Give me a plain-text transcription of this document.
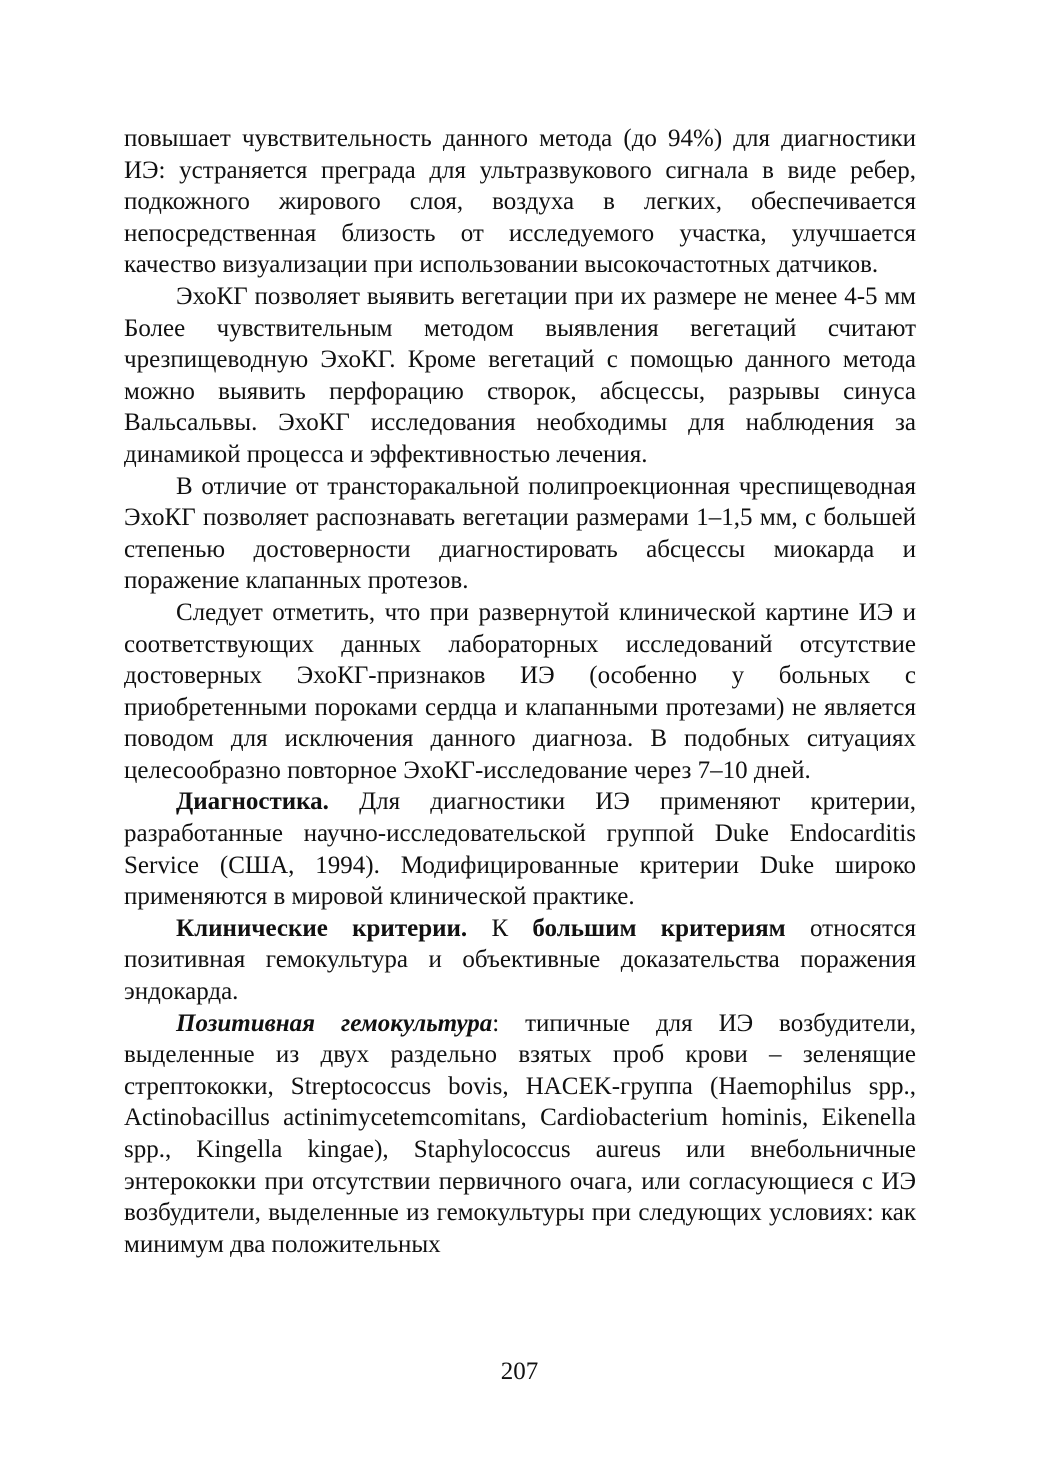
повышает чувствительность данного метода (до 94%) для диагностики ИЭ: устраняется преграда для ультразвукового сигнала в виде ребер, подкожного жирового слоя, воздуха в легких, обеспечивается непосредственная близость от исследуемого участка, улучшается качество визуализации при использовании высокочастотных датчиков.

ЭхоКГ позволяет выявить вегетации при их размере не менее 4-5 мм Более чувствительным методом выявления вегетаций считают чрезпищеводную ЭхоКГ. Кроме вегетаций с помощью данного метода можно выявить перфорацию створок, абсцессы, разрывы синуса Вальсальвы. ЭхоКГ исследования необходимы для наблюдения за динамикой процесса и эффективностью лечения.

В отличие от трансторакальной полипроекционная чреспищеводная ЭхоКГ позволяет распознавать вегетации размерами 1–1,5 мм, с большей степенью достоверности диагностировать абсцессы миокарда и поражение клапанных протезов.

Следует отметить, что при развернутой клинической картине ИЭ и соответствующих данных лабораторных исследований отсутствие достоверных ЭхоКГ-признаков ИЭ (особенно у больных с приобретенными пороками сердца и клапанными протезами) не является поводом для исключения данного диагноза. В подобных ситуациях целесообразно повторное ЭхоКГ-исследование через 7–10 дней.

Диагностика. Для диагностики ИЭ применяют критерии, разработанные научно-исследовательской группой Duke Endocarditis Service (США, 1994). Модифицированные критерии Duke широко применяются в мировой клинической практике.

Клинические критерии. К большим критериям относятся позитивная гемокультура и объективные доказательства поражения эндокарда.

Позитивная гемокультура: типичные для ИЭ возбудители, выделенные из двух раздельно взятых проб крови – зеленящие стрептококки, Streptococcus bovis, HACEK-группа (Haemophilus spp., Actinobacillus actinimycetemcomitans, Cardiobacterium hominis, Eikenella spp., Kingella kingae), Staphylococcus aureus или внебольничные энтерококки при отсутствии первичного очага, или согласующиеся с ИЭ возбудители, выделенные из гемокультуры при следующих условиях: как минимум два положительных

207
